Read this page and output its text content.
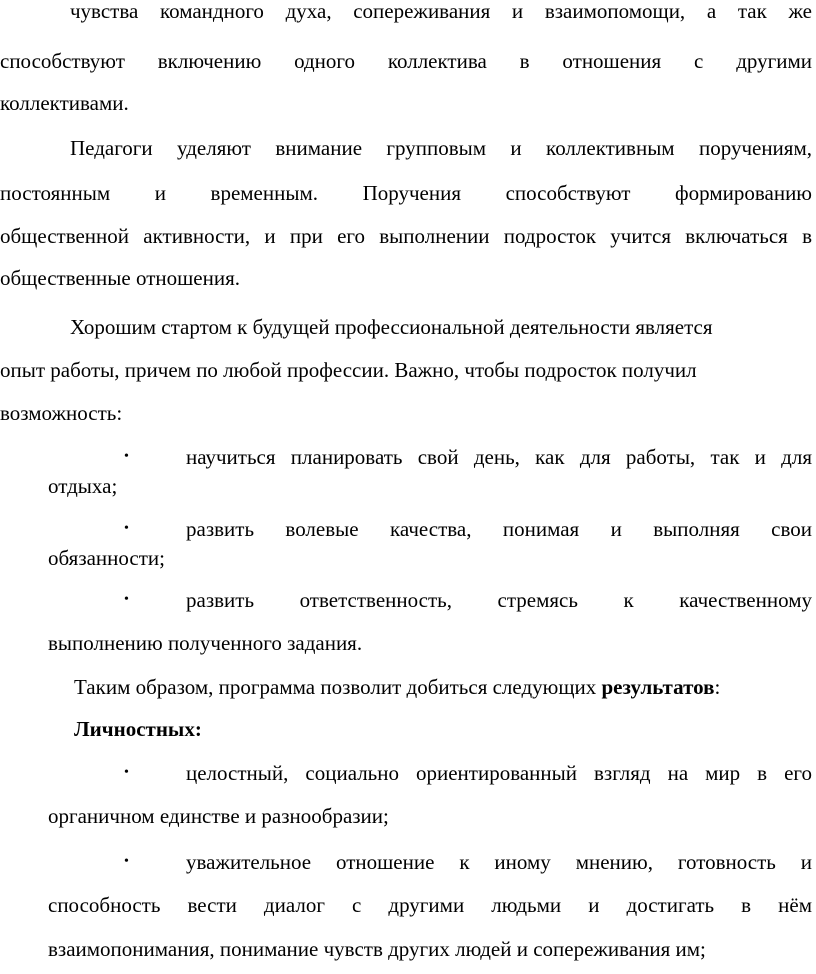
чувства командного духа, сопереживания и взаимопомощи, а так же
способствуют включению одного коллектива в отношения с другими
коллективами.
Педагоги уделяют внимание групповым и коллективным поручениям,
постоянным и временным. Поручения способствуют формированию
общественной активности, и при его выполнении подросток учится включаться в
общественные отношения.
Хорошим стартом к будущей профессиональной деятельности является
опыт работы, причем по любой профессии. Важно, чтобы подросток получил
возможность:
•	научиться планировать свой день, как для работы, так и для
отдыха;
•	развить волевые качества, понимая и выполняя свои
обязанности;
•	развить ответственность, стремясь к качественному
выполнению полученного задания.
Таким образом, программа позволит добиться следующих результатов:
Личностных:
•	целостный, социально ориентированный взгляд на мир в его
органичном единстве и разнообразии;
•	уважительное отношение к иному мнению, готовность и
способность вести диалог с другими людьми и достигать в нём
взаимопонимания, понимание чувств других людей и сопереживания им;
